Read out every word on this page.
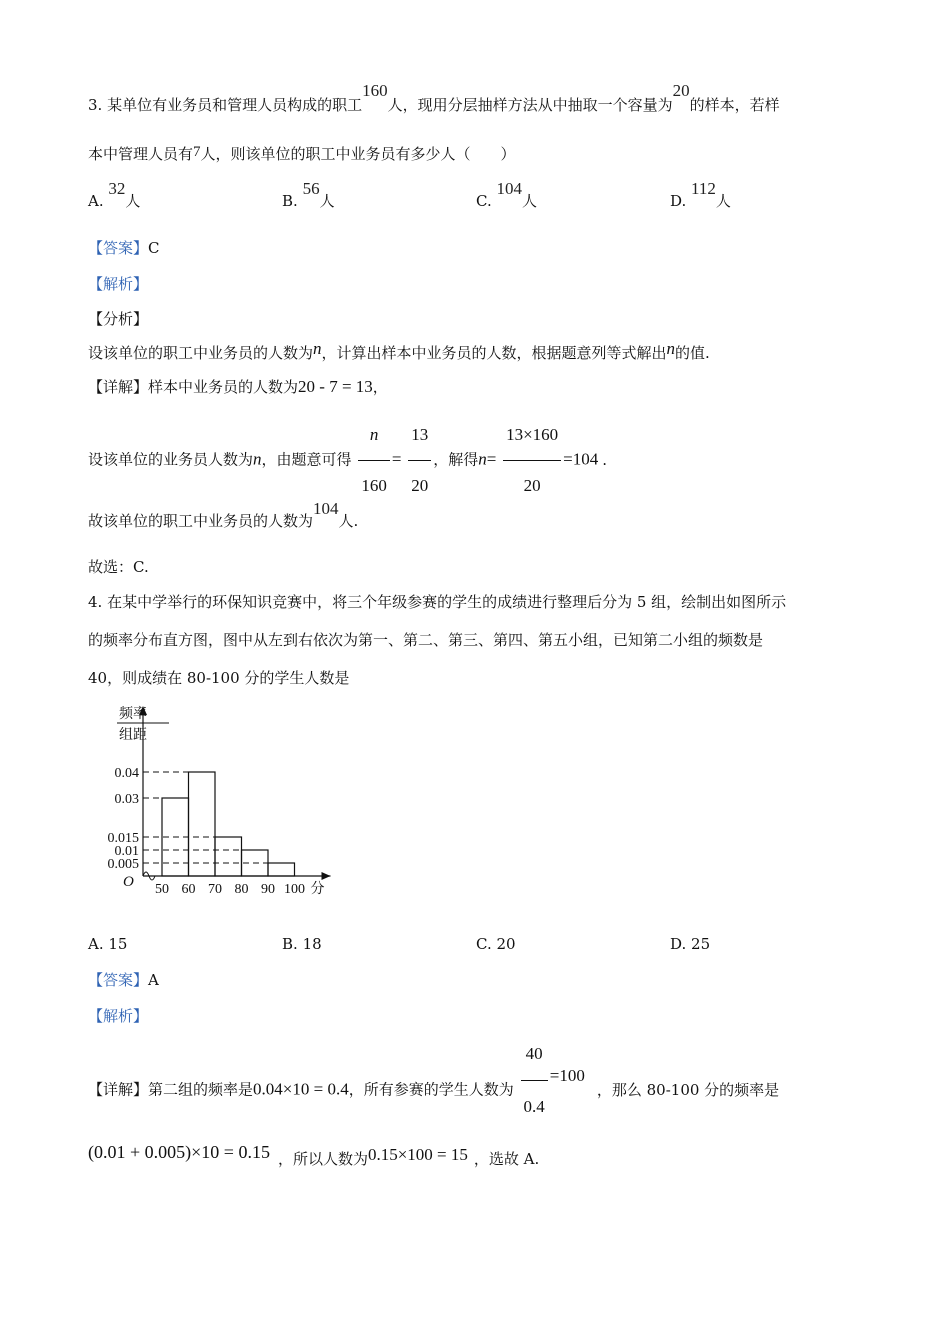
3. 某单位有业务员和管理人员构成的职工160人，现用分层抽样方法从中抽取一个容量为20的样本，若样
本中管理人员有7人，则该单位的职工中业务员有多少人（　　）
A. 32人	B. 56人	C. 104人	D. 112人
【答案】C
【解析】
【分析】
设该单位的职工中业务员的人数为n，计算出样本中业务员的人数，根据题意列等式解出n的值.
【详解】样本中业务员的人数为20 - 7 = 13，
设该单位的业务员人数为n，由题意可得 $\frac{n}{160} = \frac{13}{20}$ ，解得$n= \frac{13\times 160}{20} =104$ .
故该单位的职工中业务员的人数为104人.
故选：C.
4. 在某中学举行的环保知识竞赛中，将三个年级参赛的学生的成绩进行整理后分为 5 组，绘制出如图所示
的频率分布直方图，图中从左到右依次为第一、第二、第三、第四、第五小组，已知第二小组的频数是
40，则成绩在 80-100 分的学生人数是
频率
组距
0.04
0.03
0.015
0.01
0.005
50 60 70 80 90 100 分
O
A. 15	B. 18	C. 20	D. 25
【答案】A
【解析】
【详解】第二组的频率是0.04×10 = 0.4，所有参赛的学生人数为 $\frac{40}{0.4} =100$，那么 80-100 分的频率是
(0.01 + 0.005)×10 = 0.15 ，所以人数为0.15×100 = 15 ，选故 A.
